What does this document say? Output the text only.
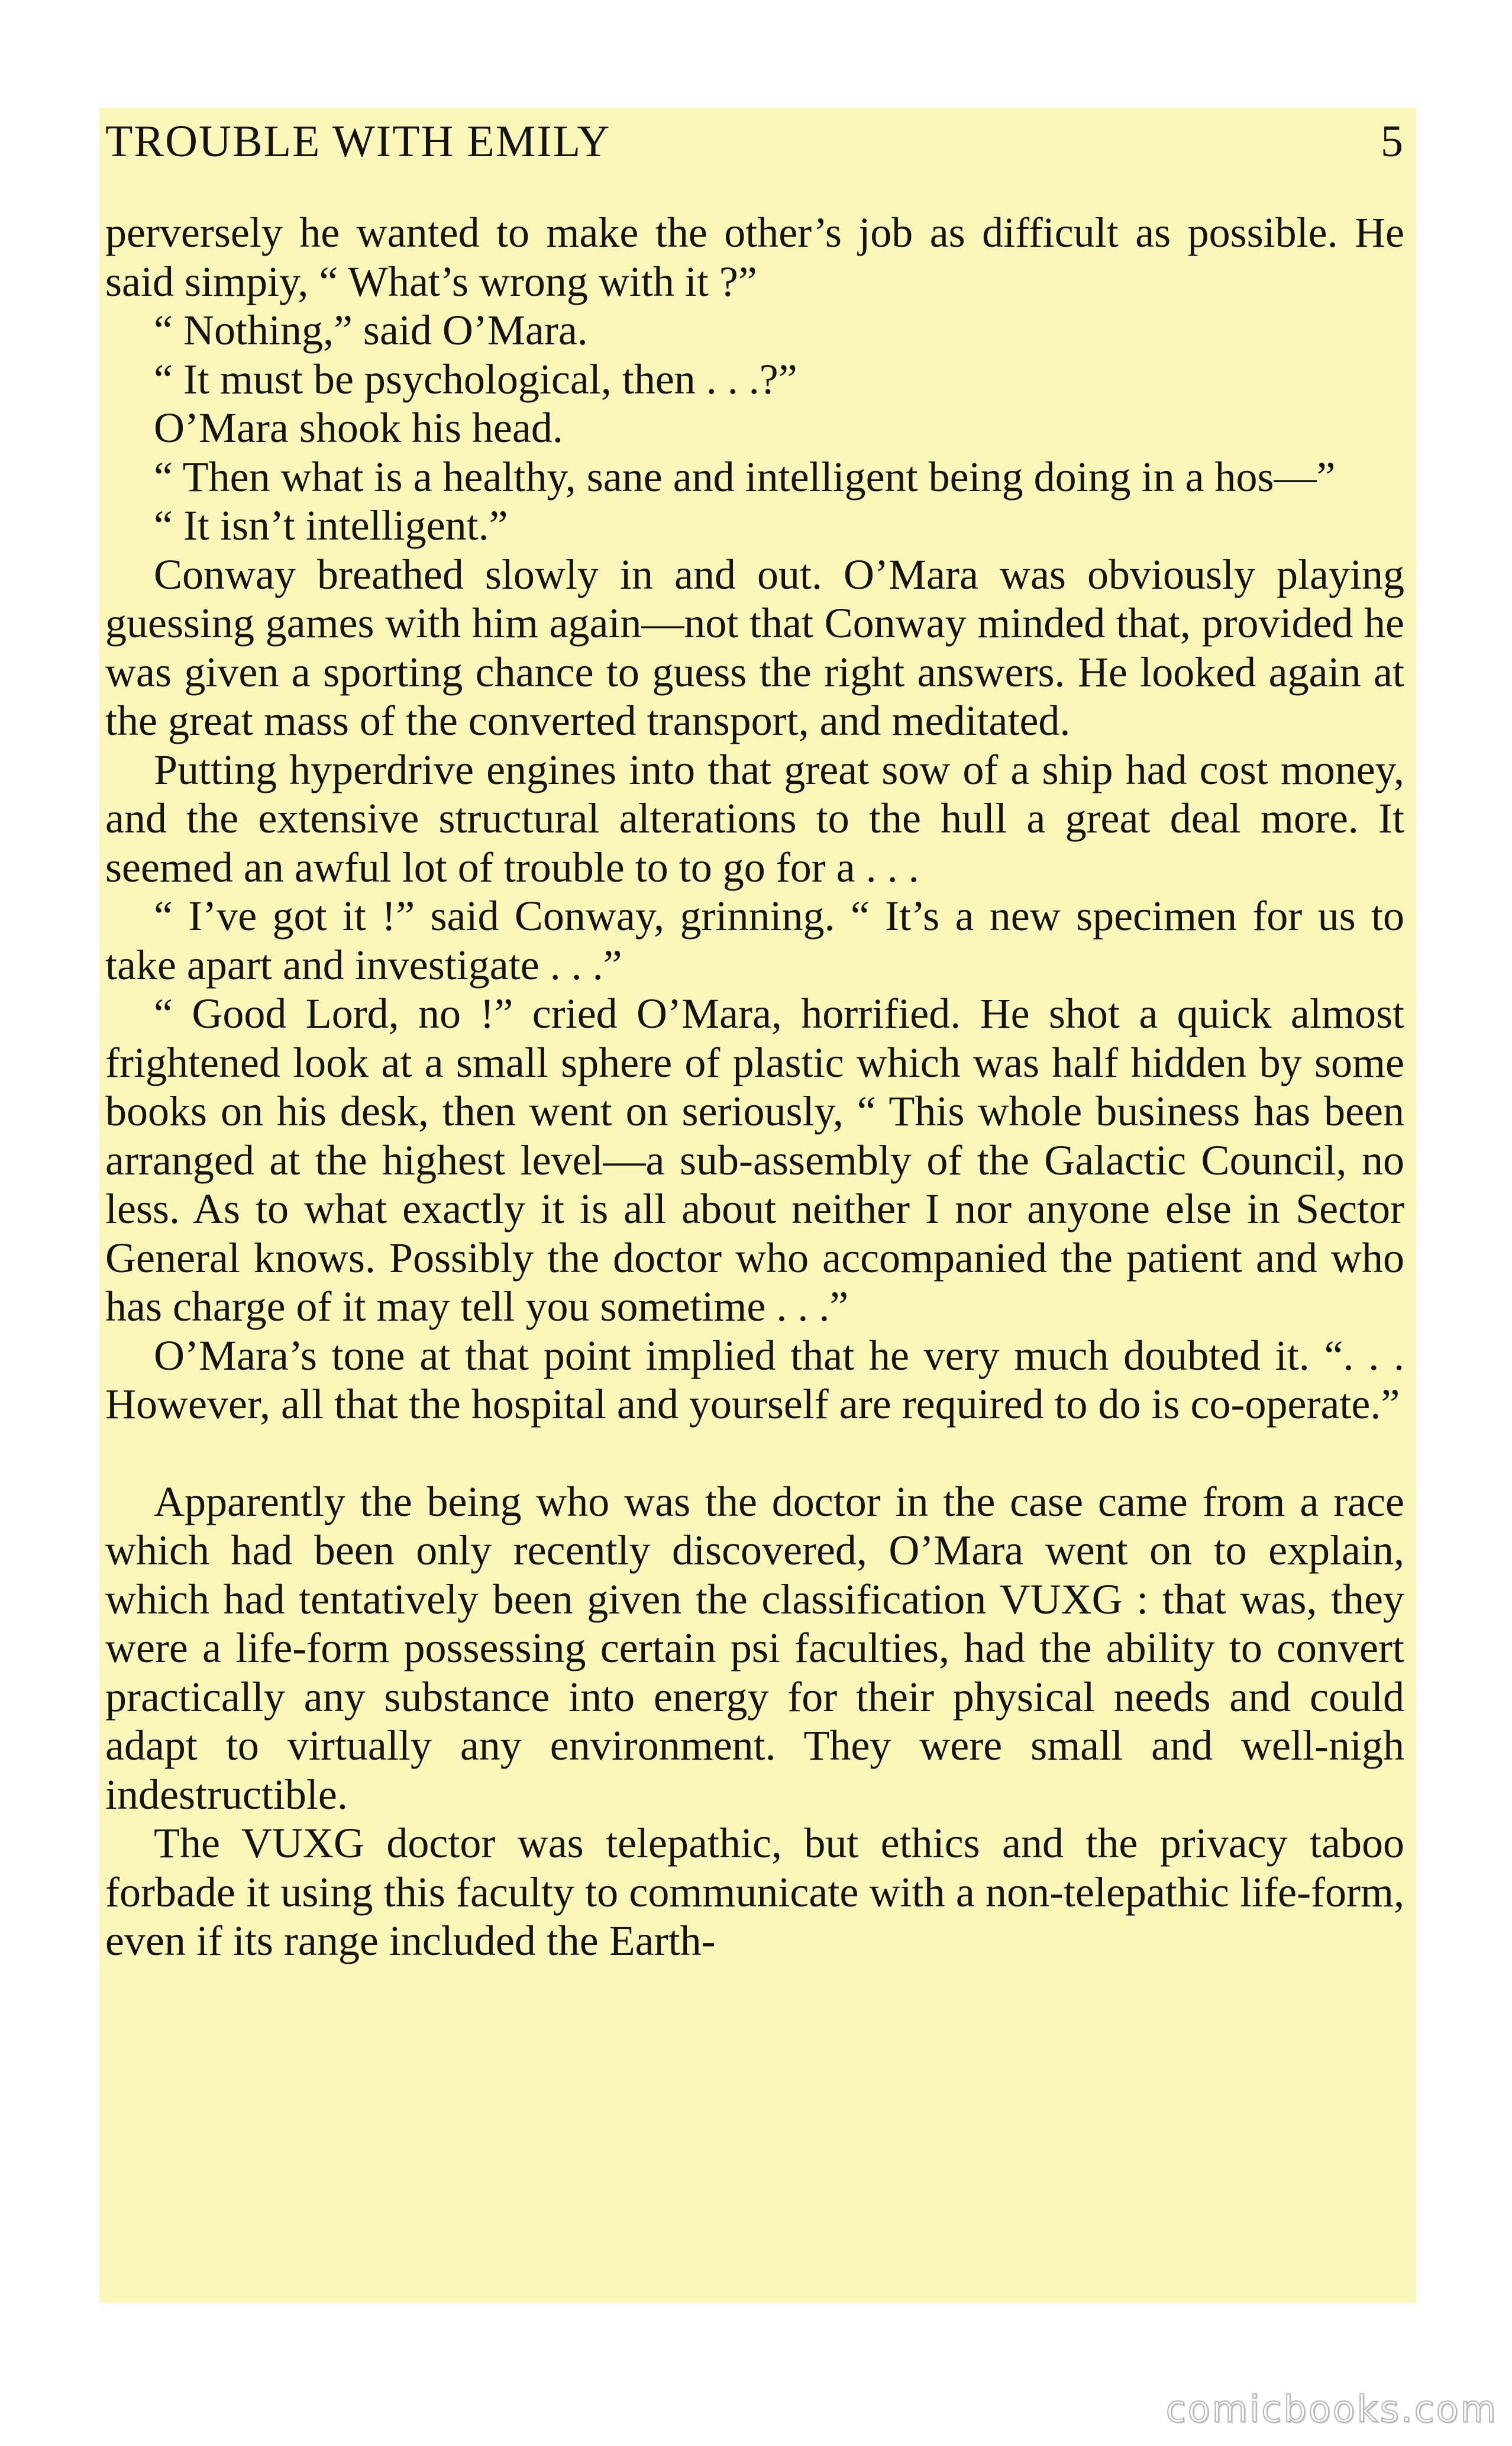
TROUBLE WITH EMILY	5

perversely he wanted to make the other’s job as difficult as possible. He said simpiy, “ What’s wrong with it ?”

“ Nothing,” said O’Mara.

“ It must be psychological, then . . .?”

O’Mara shook his head.

“ Then what is a healthy, sane and intelligent being doing in a hos—”

“ It isn’t intelligent.”

Conway breathed slowly in and out. O’Mara was obviously playing guessing games with him again—not that Conway minded that, provided he was given a sporting chance to guess the right answers. He looked again at the great mass of the converted transport, and meditated.

Putting hyperdrive engines into that great sow of a ship had cost money, and the extensive structural alterations to the hull a great deal more. It seemed an awful lot of trouble to to go for a . . .

“ I’ve got it !” said Conway, grinning. “ It’s a new specimen for us to take apart and investigate . . .”

“ Good Lord, no !” cried O’Mara, horrified. He shot a quick almost frightened look at a small sphere of plastic which was half hidden by some books on his desk, then went on seriously, “ This whole business has been arranged at the highest level—a sub-assembly of the Galactic Council, no less. As to what exactly it is all about neither I nor anyone else in Sector General knows. Possibly the doctor who accompanied the patient and who has charge of it may tell you sometime . . .”

O’Mara’s tone at that point implied that he very much doubted it. “. . . However, all that the hospital and yourself are required to do is co-operate.”

Apparently the being who was the doctor in the case came from a race which had been only recently discovered, O’Mara went on to explain, which had tentatively been given the classification VUXG : that was, they were a life-form possessing certain psi faculties, had the ability to convert practically any substance into energy for their physical needs and could adapt to virtually any environment. They were small and well-nigh indestructible.

The VUXG doctor was telepathic, but ethics and the privacy taboo forbade it using this faculty to communicate with a non-telepathic life-form, even if its range included the Earth-

comicbooks.com
